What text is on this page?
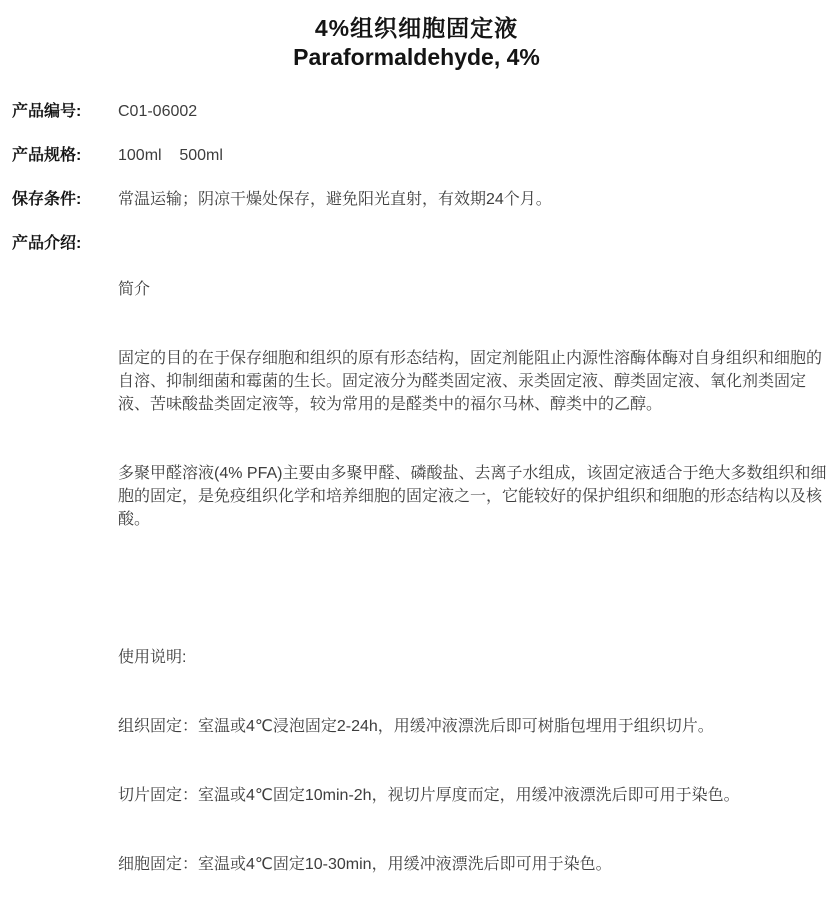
4%组织细胞固定液
Paraformaldehyde, 4%
产品编号:	C01-06002
产品规格:	100ml    500ml
保存条件:	常温运输；阴凉干燥处保存，避免阳光直射，有效期24个月。
产品介绍:

简介

固定的目的在于保存细胞和组织的原有形态结构，固定剂能阻止内源性溶酶体酶对自身组织和细胞的自溶、抑制细菌和霉菌的生长。固定液分为醛类固定液、汞类固定液、醇类固定液、氧化剂类固定液、苦味酸盐类固定液等，较为常用的是醛类中的福尔马林、醇类中的乙醇。

多聚甲醛溶液(4% PFA)主要由多聚甲醛、磷酸盐、去离子水组成，该固定液适合于绝大多数组织和细胞的固定，是免疫组织化学和培养细胞的固定液之一，它能较好的保护组织和细胞的形态结构以及核酸。

使用说明:

组织固定：室温或4℃浸泡固定2-24h，用缓冲液漂洗后即可树脂包埋用于组织切片。

切片固定：室温或4℃固定10min-2h，视切片厚度而定，用缓冲液漂洗后即可用于染色。

细胞固定：室温或4℃固定10-30min，用缓冲液漂洗后即可用于染色。
